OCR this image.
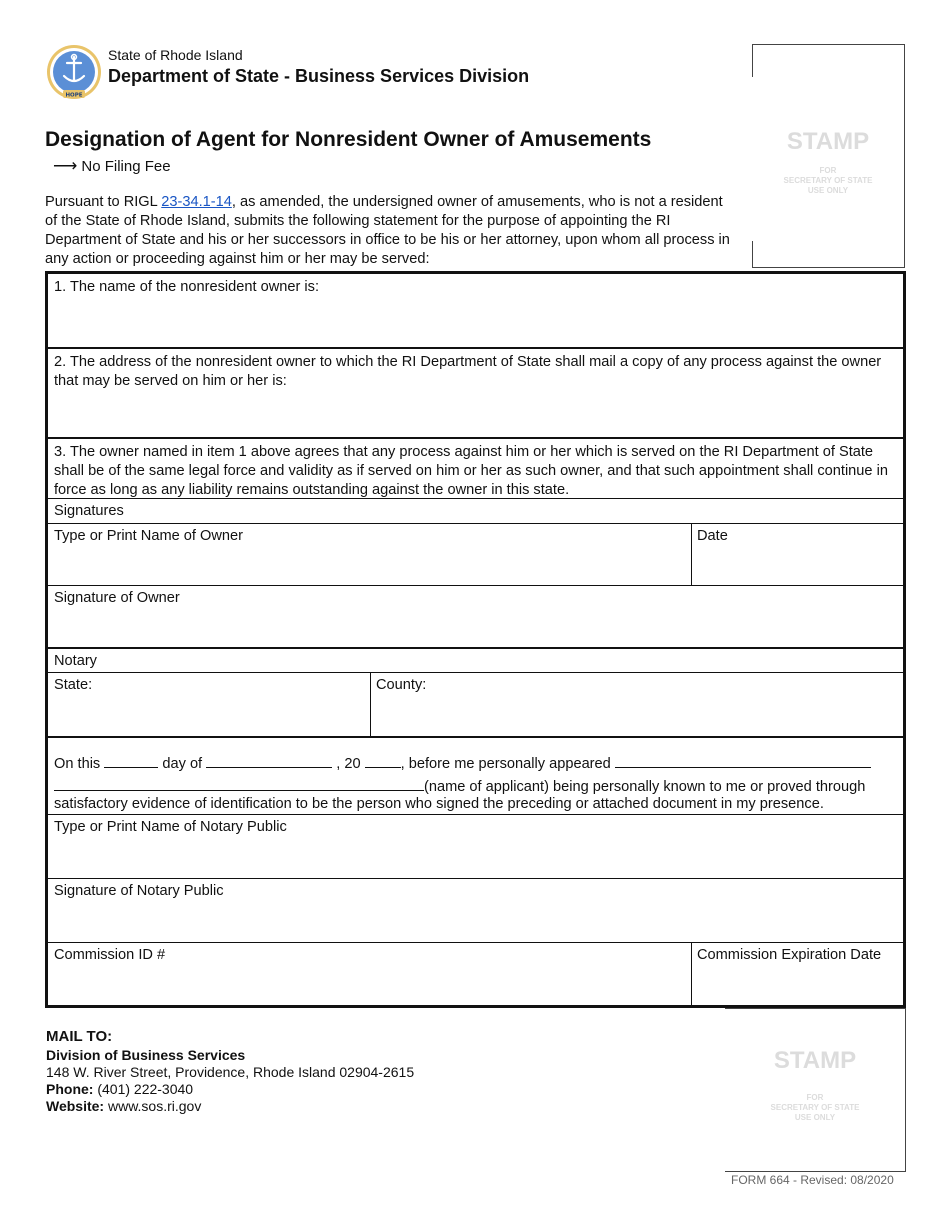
HOPE
State of Rhode Island
Department of State - Business Services Division
STAMP
FOR
SECRETARY OF STATE
USE ONLY
Designation of Agent for Nonresident Owner of Amusements
⟶ No Filing Fee
Pursuant to RIGL 23-34.1-14, as amended, the undersigned owner of amusements, who is not a resident of the State of Rhode Island, submits the following statement for the purpose of appointing the RI Department of State and his or her successors in office to be his or her attorney, upon whom all process in any action or proceeding against him or her may be served:
1. The name of the nonresident owner is:
2. The address of the nonresident owner to which the RI Department of State shall mail a copy of any process against the owner that may be served on him or her is:
3. The owner named in item 1 above agrees that any process against him or her which is served on the RI Department of State shall be of the same legal force and validity as if served on him or her as such owner, and that such appointment shall continue in force as long as any liability remains outstanding against the owner in this state.
Signatures
Type or Print Name of Owner	Date
Signature of Owner
Notary
State:	County:
On this	day of	, 20	, before me personally appeared
(name of applicant) being personally known to me or proved through
satisfactory evidence of identification to be the person who signed the preceding or attached document in my presence.
Type or Print Name of Notary Public
Signature of Notary Public
Commission ID #	Commission Expiration Date
MAIL TO:
Division of Business Services
148 W. River Street, Providence, Rhode Island 02904-2615
Phone: (401) 222-3040
Website: www.sos.ri.gov
STAMP
FOR
SECRETARY OF STATE
USE ONLY
FORM 664 - Revised: 08/2020
